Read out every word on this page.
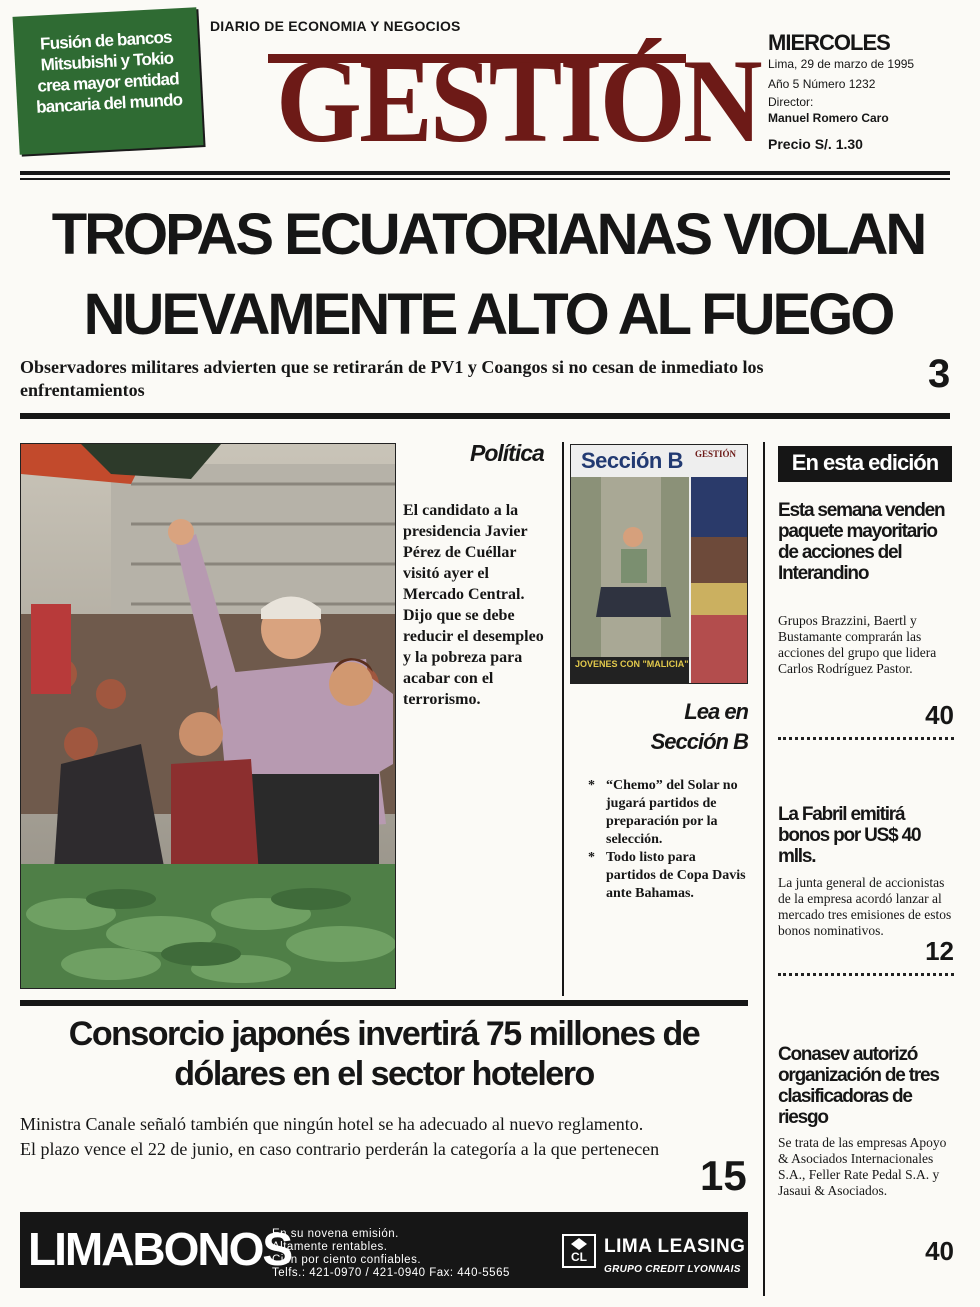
Fusión de bancos
Mitsubishi y Tokio
crea mayor entidad
bancaria del mundo
DIARIO DE ECONOMIA Y NEGOCIOS
GESTIÓN MIERCOLES
Lima, 29 de marzo de 1995
Año 5 Número 1232
Director:
Manuel Romero Caro
Precio S/. 1.30
TROPAS ECUATORIANAS VIOLAN
NUEVAMENTE ALTO AL FUEGO
Observadores militares advierten que se retirarán de PV1 y Coangos si no cesan de inmediato los enfrentamientos	3
Política
El candidato a la presidencia Javier Pérez de Cuéllar visitó ayer el Mercado Central. Dijo que se debe reducir el desempleo y la pobreza para acabar con el terrorismo.
Sección B GESTIÓN
JOVENES CON "MALICIA"
Lea en
Sección B
* “Chemo” del Solar no jugará partidos de preparación por la selección.
* Todo listo para partidos de Copa Davis ante Bahamas.
En esta edición
Esta semana venden paquete mayoritario de acciones del Interandino
Grupos Brazzini, Baertl y Bustamante comprarán las acciones del grupo que lidera Carlos Rodríguez Pastor.
40
La Fabril emitirá bonos por US$ 40 mlls.
La junta general de accionistas de la empresa acordó lanzar al mercado tres emisiones de estos bonos nominativos.
12
Conasev autorizó organización de tres clasificadoras de riesgo
Se trata de las empresas Apoyo & Asociados Internacionales S.A., Feller Rate Pedal S.A. y Jasaui & Asociados.
40
Consorcio japonés invertirá 75 millones de dólares en el sector hotelero
Ministra Canale señaló también que ningún hotel se ha adecuado al nuevo reglamento. El plazo vence el 22 de junio, en caso contrario perderán la categoría a la que pertenecen
15
LIMABONOS
En su novena emisión.
Altamente rentables.
Cien por ciento confiables.
Telfs.: 421-0970 / 421-0940 Fax: 440-5565
CL LIMA LEASING
GRUPO CREDIT LYONNAIS
